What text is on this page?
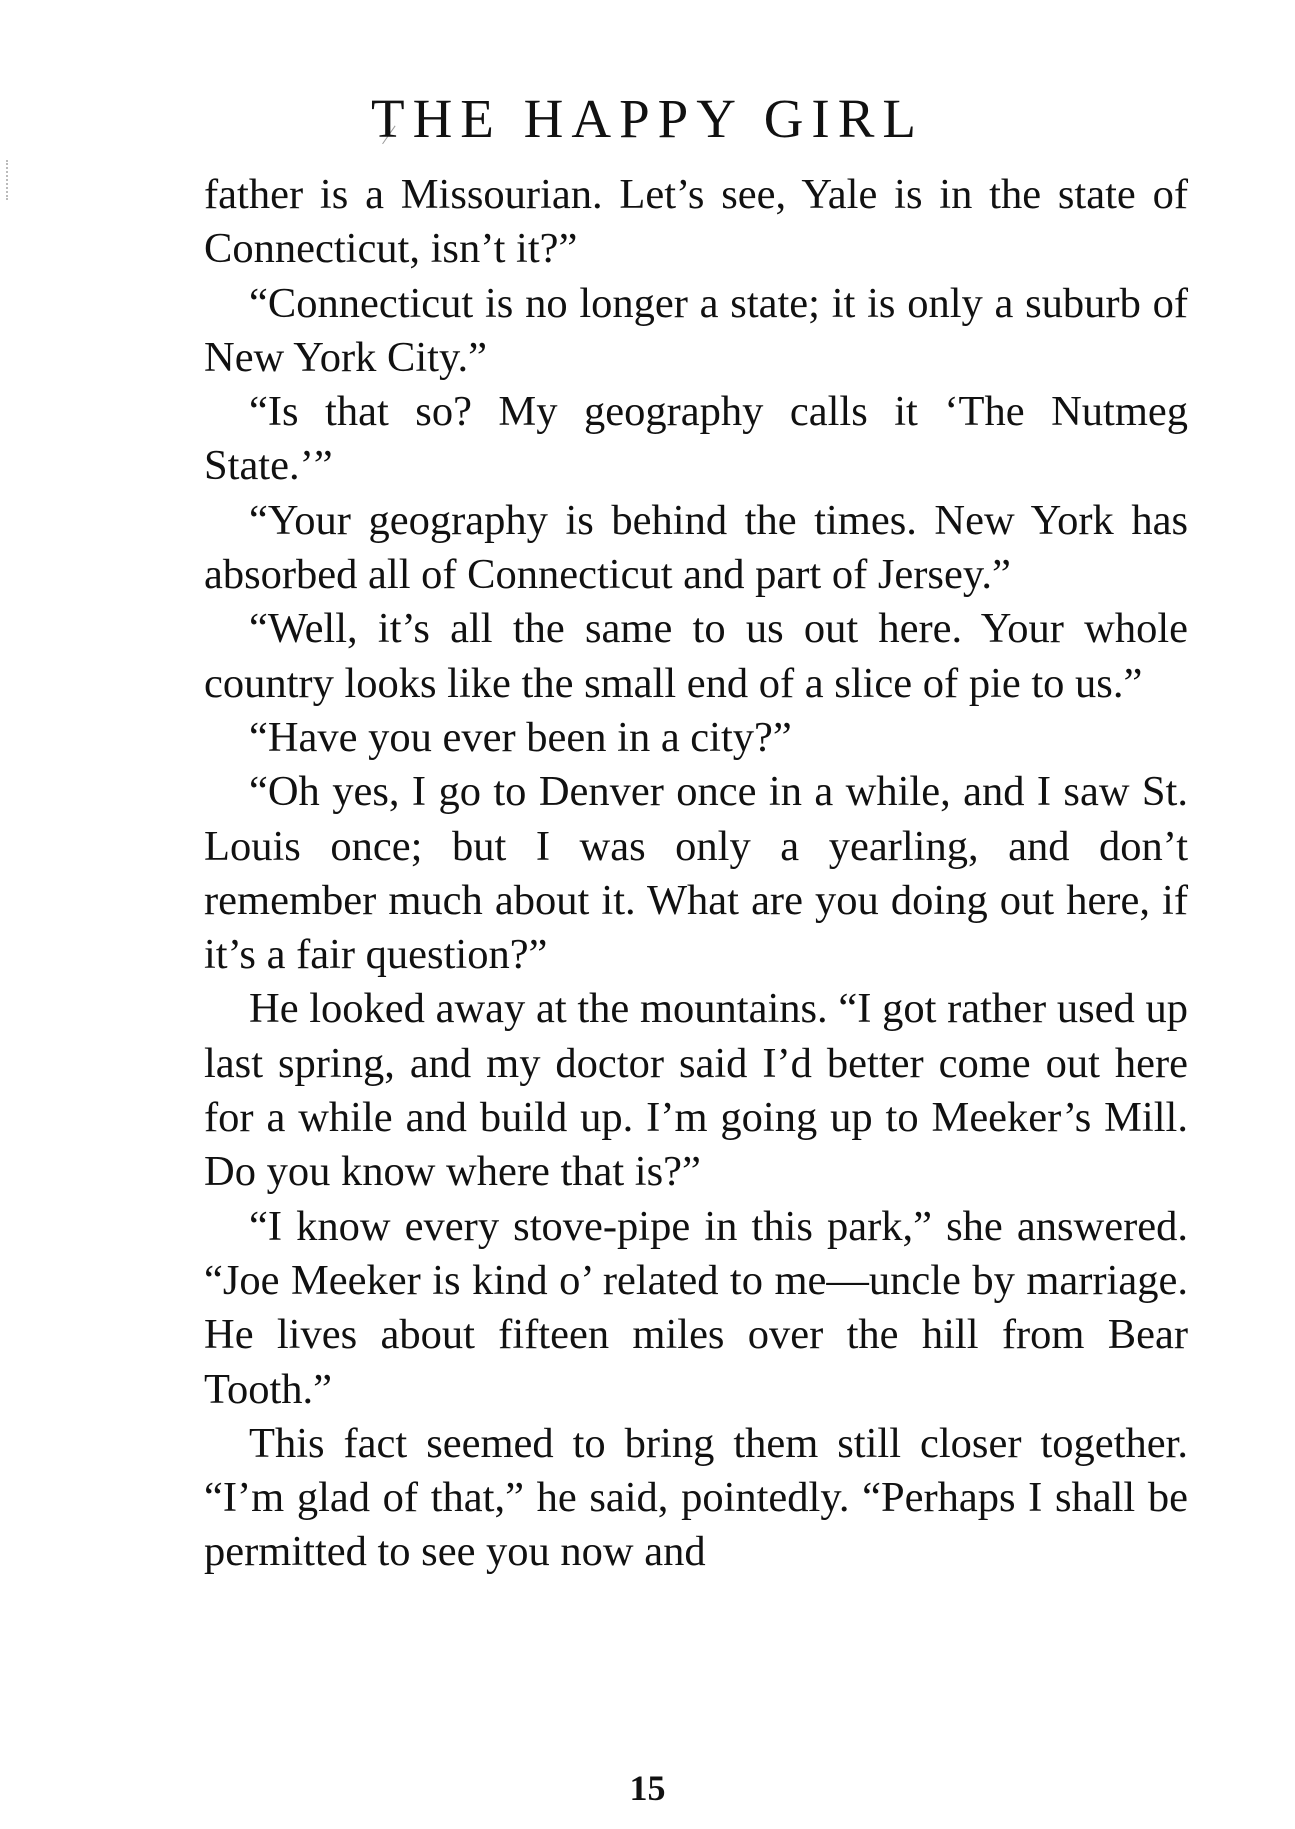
THE HAPPY GIRL

father is a Missourian. Let’s see, Yale is in the state of Connecticut, isn’t it?”

“Connecticut is no longer a state; it is only a suburb of New York City.”

“Is that so? My geography calls it ‘The Nutmeg State.’”

“Your geography is behind the times. New York has absorbed all of Connecticut and part of Jersey.”

“Well, it’s all the same to us out here. Your whole country looks like the small end of a slice of pie to us.”

“Have you ever been in a city?”

“Oh yes, I go to Denver once in a while, and I saw St. Louis once; but I was only a yearling, and don’t remember much about it. What are you doing out here, if it’s a fair question?”

He looked away at the mountains. “I got rather used up last spring, and my doctor said I’d better come out here for a while and build up. I’m going up to Meeker’s Mill. Do you know where that is?”

“I know every stove-pipe in this park,” she answered. “Joe Meeker is kind o’ related to me—uncle by marriage. He lives about fifteen miles over the hill from Bear Tooth.”

This fact seemed to bring them still closer together. “I’m glad of that,” he said, pointedly. “Perhaps I shall be permitted to see you now and

15
